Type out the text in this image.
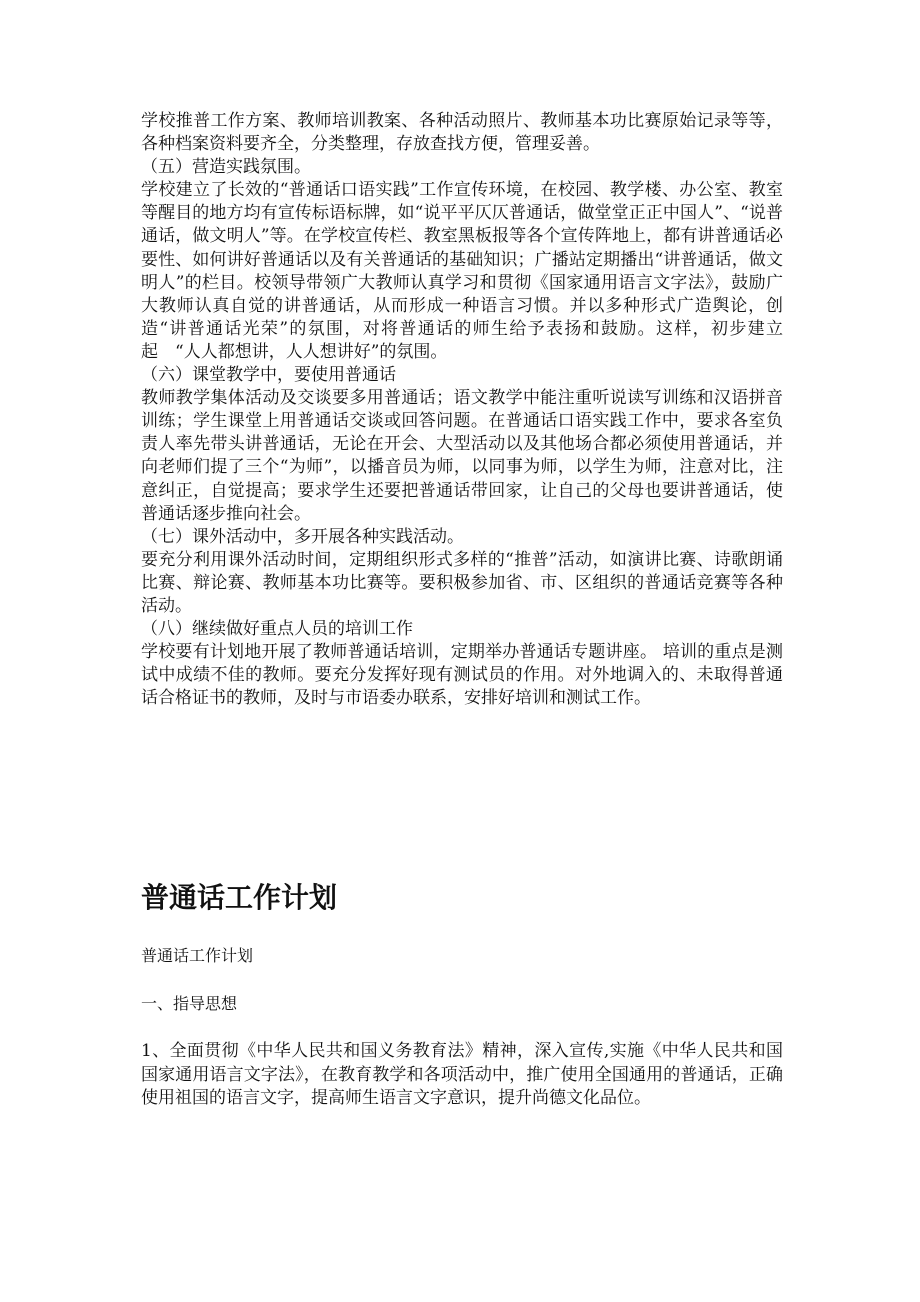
学校推普工作方案、教师培训教案、各种活动照片、教师基本功比赛原始记录等等，各种档案资料要齐全，分类整理，存放查找方便，管理妥善。

（五）营造实践氛围。

学校建立了长效的“普通话口语实践”工作宣传环境，在校园、教学楼、办公室、教室等醒目的地方均有宣传标语标牌，如“说平平仄仄普通话，做堂堂正正中国人”、“说普通话，做文明人”等。在学校宣传栏、教室黑板报等各个宣传阵地上，都有讲普通话必要性、如何讲好普通话以及有关普通话的基础知识；广播站定期播出“讲普通话，做文明人”的栏目。校领导带领广大教师认真学习和贯彻《国家通用语言文字法》，鼓励广大教师认真自觉的讲普通话，从而形成一种语言习惯。并以多种形式广造舆论，创造“讲普通话光荣”的氛围，对将普通话的师生给予表扬和鼓励。这样，初步建立起　“人人都想讲，人人想讲好”的氛围。

（六）课堂教学中，要使用普通话

教师教学集体活动及交谈要多用普通话；语文教学中能注重听说读写训练和汉语拼音训练；学生课堂上用普通话交谈或回答问题。在普通话口语实践工作中，要求各室负责人率先带头讲普通话，无论在开会、大型活动以及其他场合都必须使用普通话，并向老师们提了三个“为师”，以播音员为师，以同事为师，以学生为师，注意对比，注意纠正，自觉提高；要求学生还要把普通话带回家，让自己的父母也要讲普通话，使普通话逐步推向社会。

（七）课外活动中，多开展各种实践活动。

要充分利用课外活动时间，定期组织形式多样的“推普”活动，如演讲比赛、诗歌朗诵比赛、辩论赛、教师基本功比赛等。要积极参加省、市、区组织的普通话竞赛等各种活动。

（八）继续做好重点人员的培训工作

学校要有计划地开展了教师普通话培训，定期举办普通话专题讲座。 培训的重点是测试中成绩不佳的教师。要充分发挥好现有测试员的作用。对外地调入的、未取得普通话合格证书的教师，及时与市语委办联系，安排好培训和测试工作。

普通话工作计划

普通话工作计划

一、指导思想

1、全面贯彻《中华人民共和国义务教育法》精神，深入宣传,实施《中华人民共和国国家通用语言文字法》，在教育教学和各项活动中，推广使用全国通用的普通话，正确使用祖国的语言文字，提高师生语言文字意识，提升尚德文化品位。
